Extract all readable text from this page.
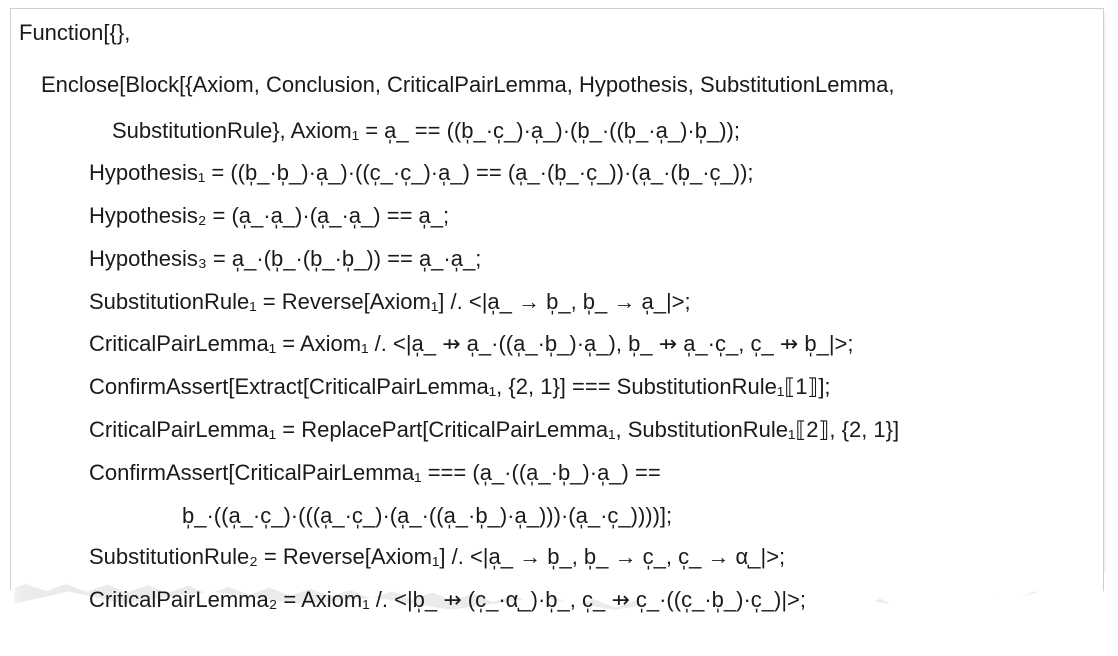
Function[{},
Enclose[Block[{Axiom, Conclusion, CriticalPairLemma, Hypothesis, SubstitutionLemma,
SubstitutionRule}, Axiom₁ = a̩_ == ((b̩_·c̩_)·a̩_)·(b̩_·((b̩_·a̩_)·b̩_));
Hypothesis₁ = ((b̩_·b̩_)·a̩_)·((c̩_·c̩_)·a̩_) == (a̩_·(b̩_·c̩_))·(a̩_·(b̩_·c̩_));
Hypothesis₂ = (a̩_·a̩_)·(a̩_·a̩_) == a̩_;
Hypothesis₃ = a̩_·(b̩_·(b̩_·b̩_)) == a̩_·a̩_;
SubstitutionRule₁ = Reverse[Axiom₁] /. <|a̩_ → b̩_, b̩_ → a̩_|>;
CriticalPairLemma₁ = Axiom₁ /. <|a̩_ ⇸ a̩_·((a̩_·b̩_)·a̩_), b̩_ ⇸ a̩_·c̩_, c̩_ ⇸ b̩_|>;
ConfirmAssert[Extract[CriticalPairLemma₁, {2, 1}] === SubstitutionRule₁⟦1⟧];
CriticalPairLemma₁ = ReplacePart[CriticalPairLemma₁, SubstitutionRule₁⟦2⟧, {2, 1}]
ConfirmAssert[CriticalPairLemma₁ === (a̩_·((a̩_·b̩_)·a̩_) ==
b̩_·((a̩_·c̩_)·(((a̩_·c̩_)·(a̩_·((a̩_·b̩_)·a̩_)))·(a̩_·c̩_))))];
SubstitutionRule₂ = Reverse[Axiom₁] /. <|a̩_ → b̩_, b̩_ → c̩_, c̩_ → α̩_|>;
CriticalPairLemma₂ = Axiom₁ /. <|b̩_ ⇸ (c̩_·α̩_)·b̩_, c̩_ ⇸ c̩_·((c̩_·b̩_)·c̩_)|>;
